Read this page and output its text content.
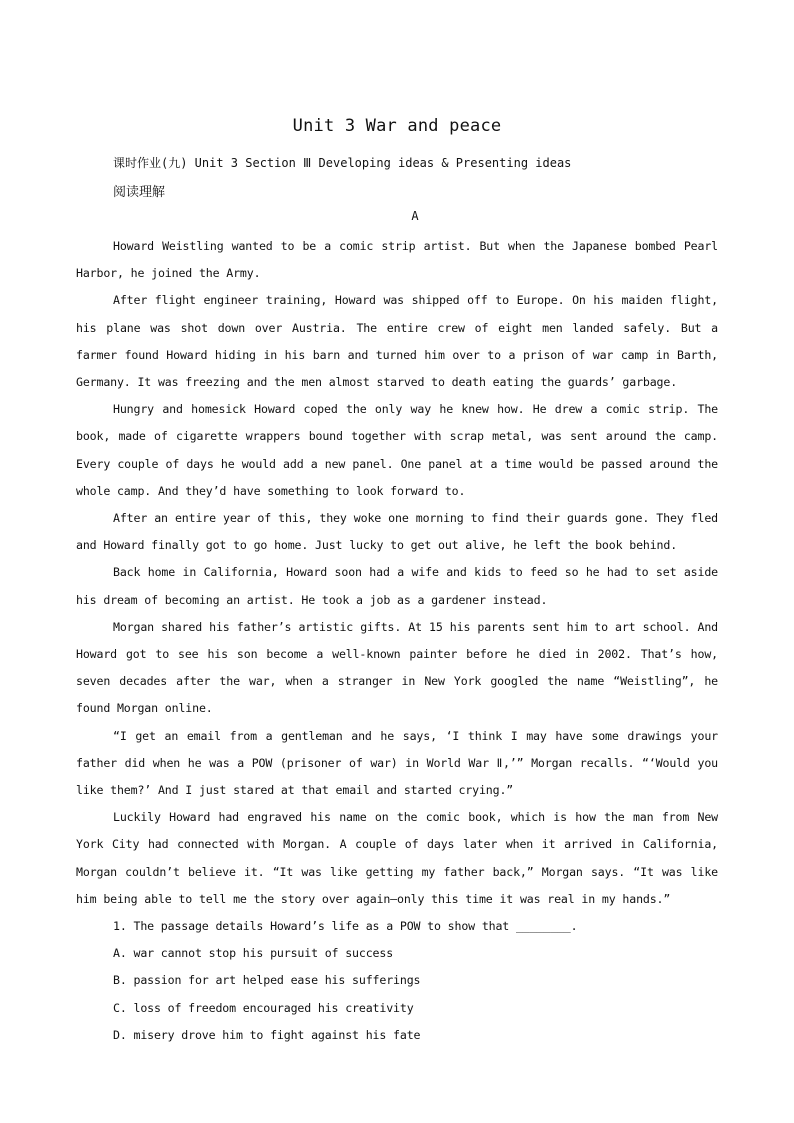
Unit 3 War and peace
课时作业(九) Unit 3 Section Ⅲ Developing ideas & Presenting ideas
阅读理解
A

Howard Weistling wanted to be a comic strip artist. But when the Japanese bombed Pearl Harbor, he joined the Army.

After flight engineer training, Howard was shipped off to Europe. On his maiden flight, his plane was shot down over Austria. The entire crew of eight men landed safely. But a farmer found Howard hiding in his barn and turned him over to a prison of war camp in Barth, Germany. It was freezing and the men almost starved to death eating the guards’ garbage.

Hungry and homesick Howard coped the only way he knew how. He drew a comic strip. The book, made of cigarette wrappers bound together with scrap metal, was sent around the camp. Every couple of days he would add a new panel. One panel at a time would be passed around the whole camp. And they’d have something to look forward to.

After an entire year of this, they woke one morning to find their guards gone. They fled and Howard finally got to go home. Just lucky to get out alive, he left the book behind.

Back home in California, Howard soon had a wife and kids to feed so he had to set aside his dream of becoming an artist. He took a job as a gardener instead.

Morgan shared his father’s artistic gifts. At 15 his parents sent him to art school. And Howard got to see his son become a well-known painter before he died in 2002. That’s how, seven decades after the war, when a stranger in New York googled the name “Weistling”, he found Morgan online.

“I get an email from a gentleman and he says, ‘I think I may have some drawings your father did when he was a POW (prisoner of war) in World War Ⅱ,’” Morgan recalls. “‘Would you like them?’ And I just stared at that email and started crying.”

Luckily Howard had engraved his name on the comic book, which is how the man from New York City had connected with Morgan. A couple of days later when it arrived in California, Morgan couldn’t believe it. “It was like getting my father back,” Morgan says. “It was like him being able to tell me the story over again—only this time it was real in my hands.”

1. The passage details Howard’s life as a POW to show that ________.

A. war cannot stop his pursuit of success

B. passion for art helped ease his sufferings

C. loss of freedom encouraged his creativity

D. misery drove him to fight against his fate
